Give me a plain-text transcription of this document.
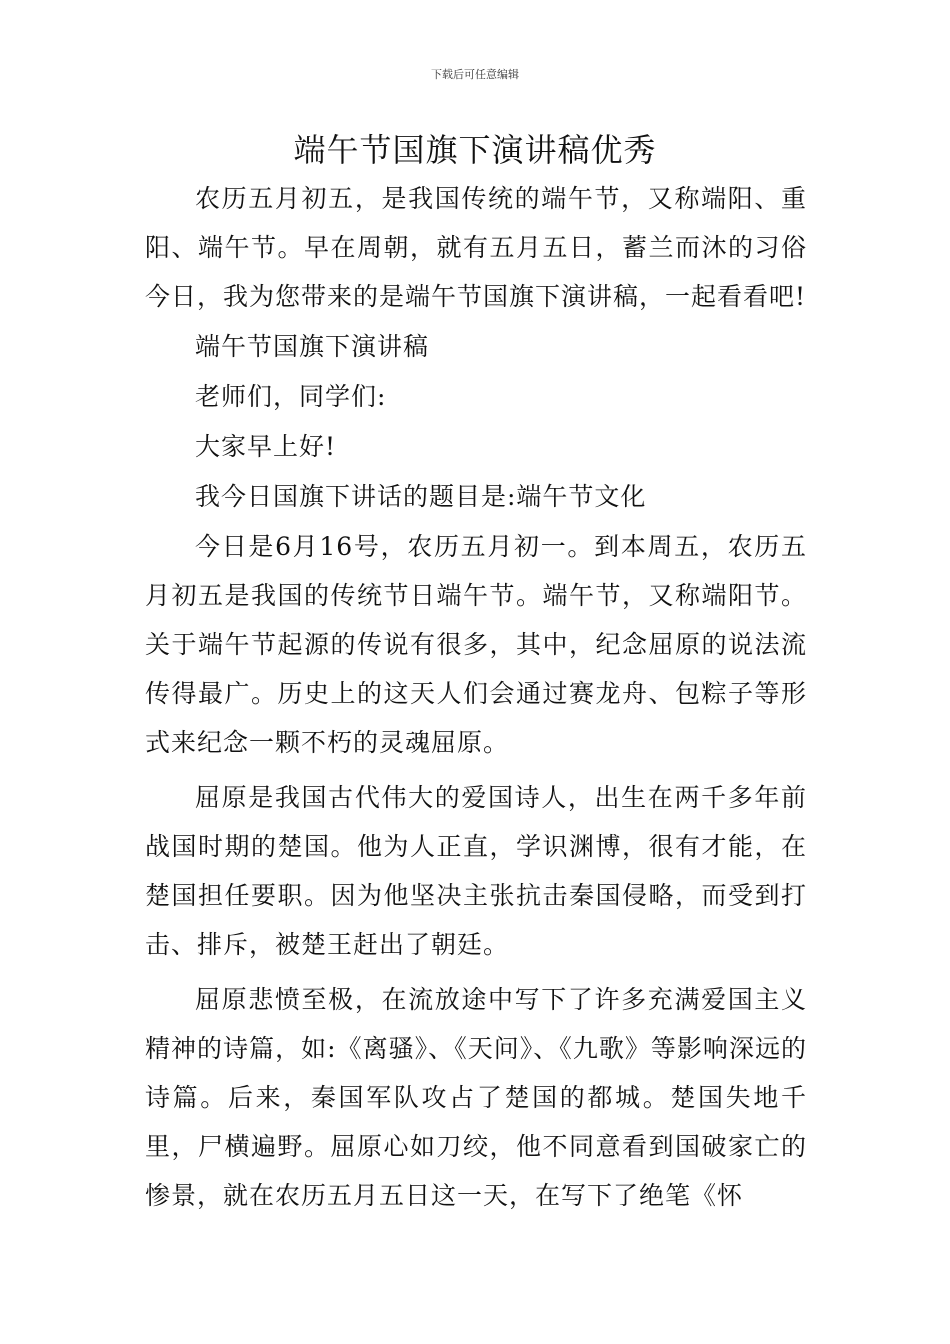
下载后可任意编辑
端午节国旗下演讲稿优秀

农历五月初五，是我国传统的端午节，又称端阳、重阳、端午节。早在周朝，就有五月五日，蓄兰而沐的习俗今日，我为您带来的是端午节国旗下演讲稿，一起看看吧!

端午节国旗下演讲稿

老师们，同学们:

大家早上好!

我今日国旗下讲话的题目是:端午节文化

今日是6月16号，农历五月初一。到本周五，农历五月初五是我国的传统节日端午节。端午节，又称端阳节。关于端午节起源的传说有很多，其中，纪念屈原的说法流传得最广。历史上的这天人们会通过赛龙舟、包粽子等形式来纪念一颗不朽的灵魂屈原。

屈原是我国古代伟大的爱国诗人，出生在两千多年前战国时期的楚国。他为人正直，学识渊博，很有才能，在楚国担任要职。因为他坚决主张抗击秦国侵略，而受到打击、排斥，被楚王赶出了朝廷。

屈原悲愤至极，在流放途中写下了许多充满爱国主义精神的诗篇，如:《离骚》、《天问》、《九歌》等影响深远的诗篇。后来，秦国军队攻占了楚国的都城。楚国失地千里，尸横遍野。屈原心如刀绞，他不同意看到国破家亡的惨景，就在农历五月五日这一天，在写下了绝笔《怀
